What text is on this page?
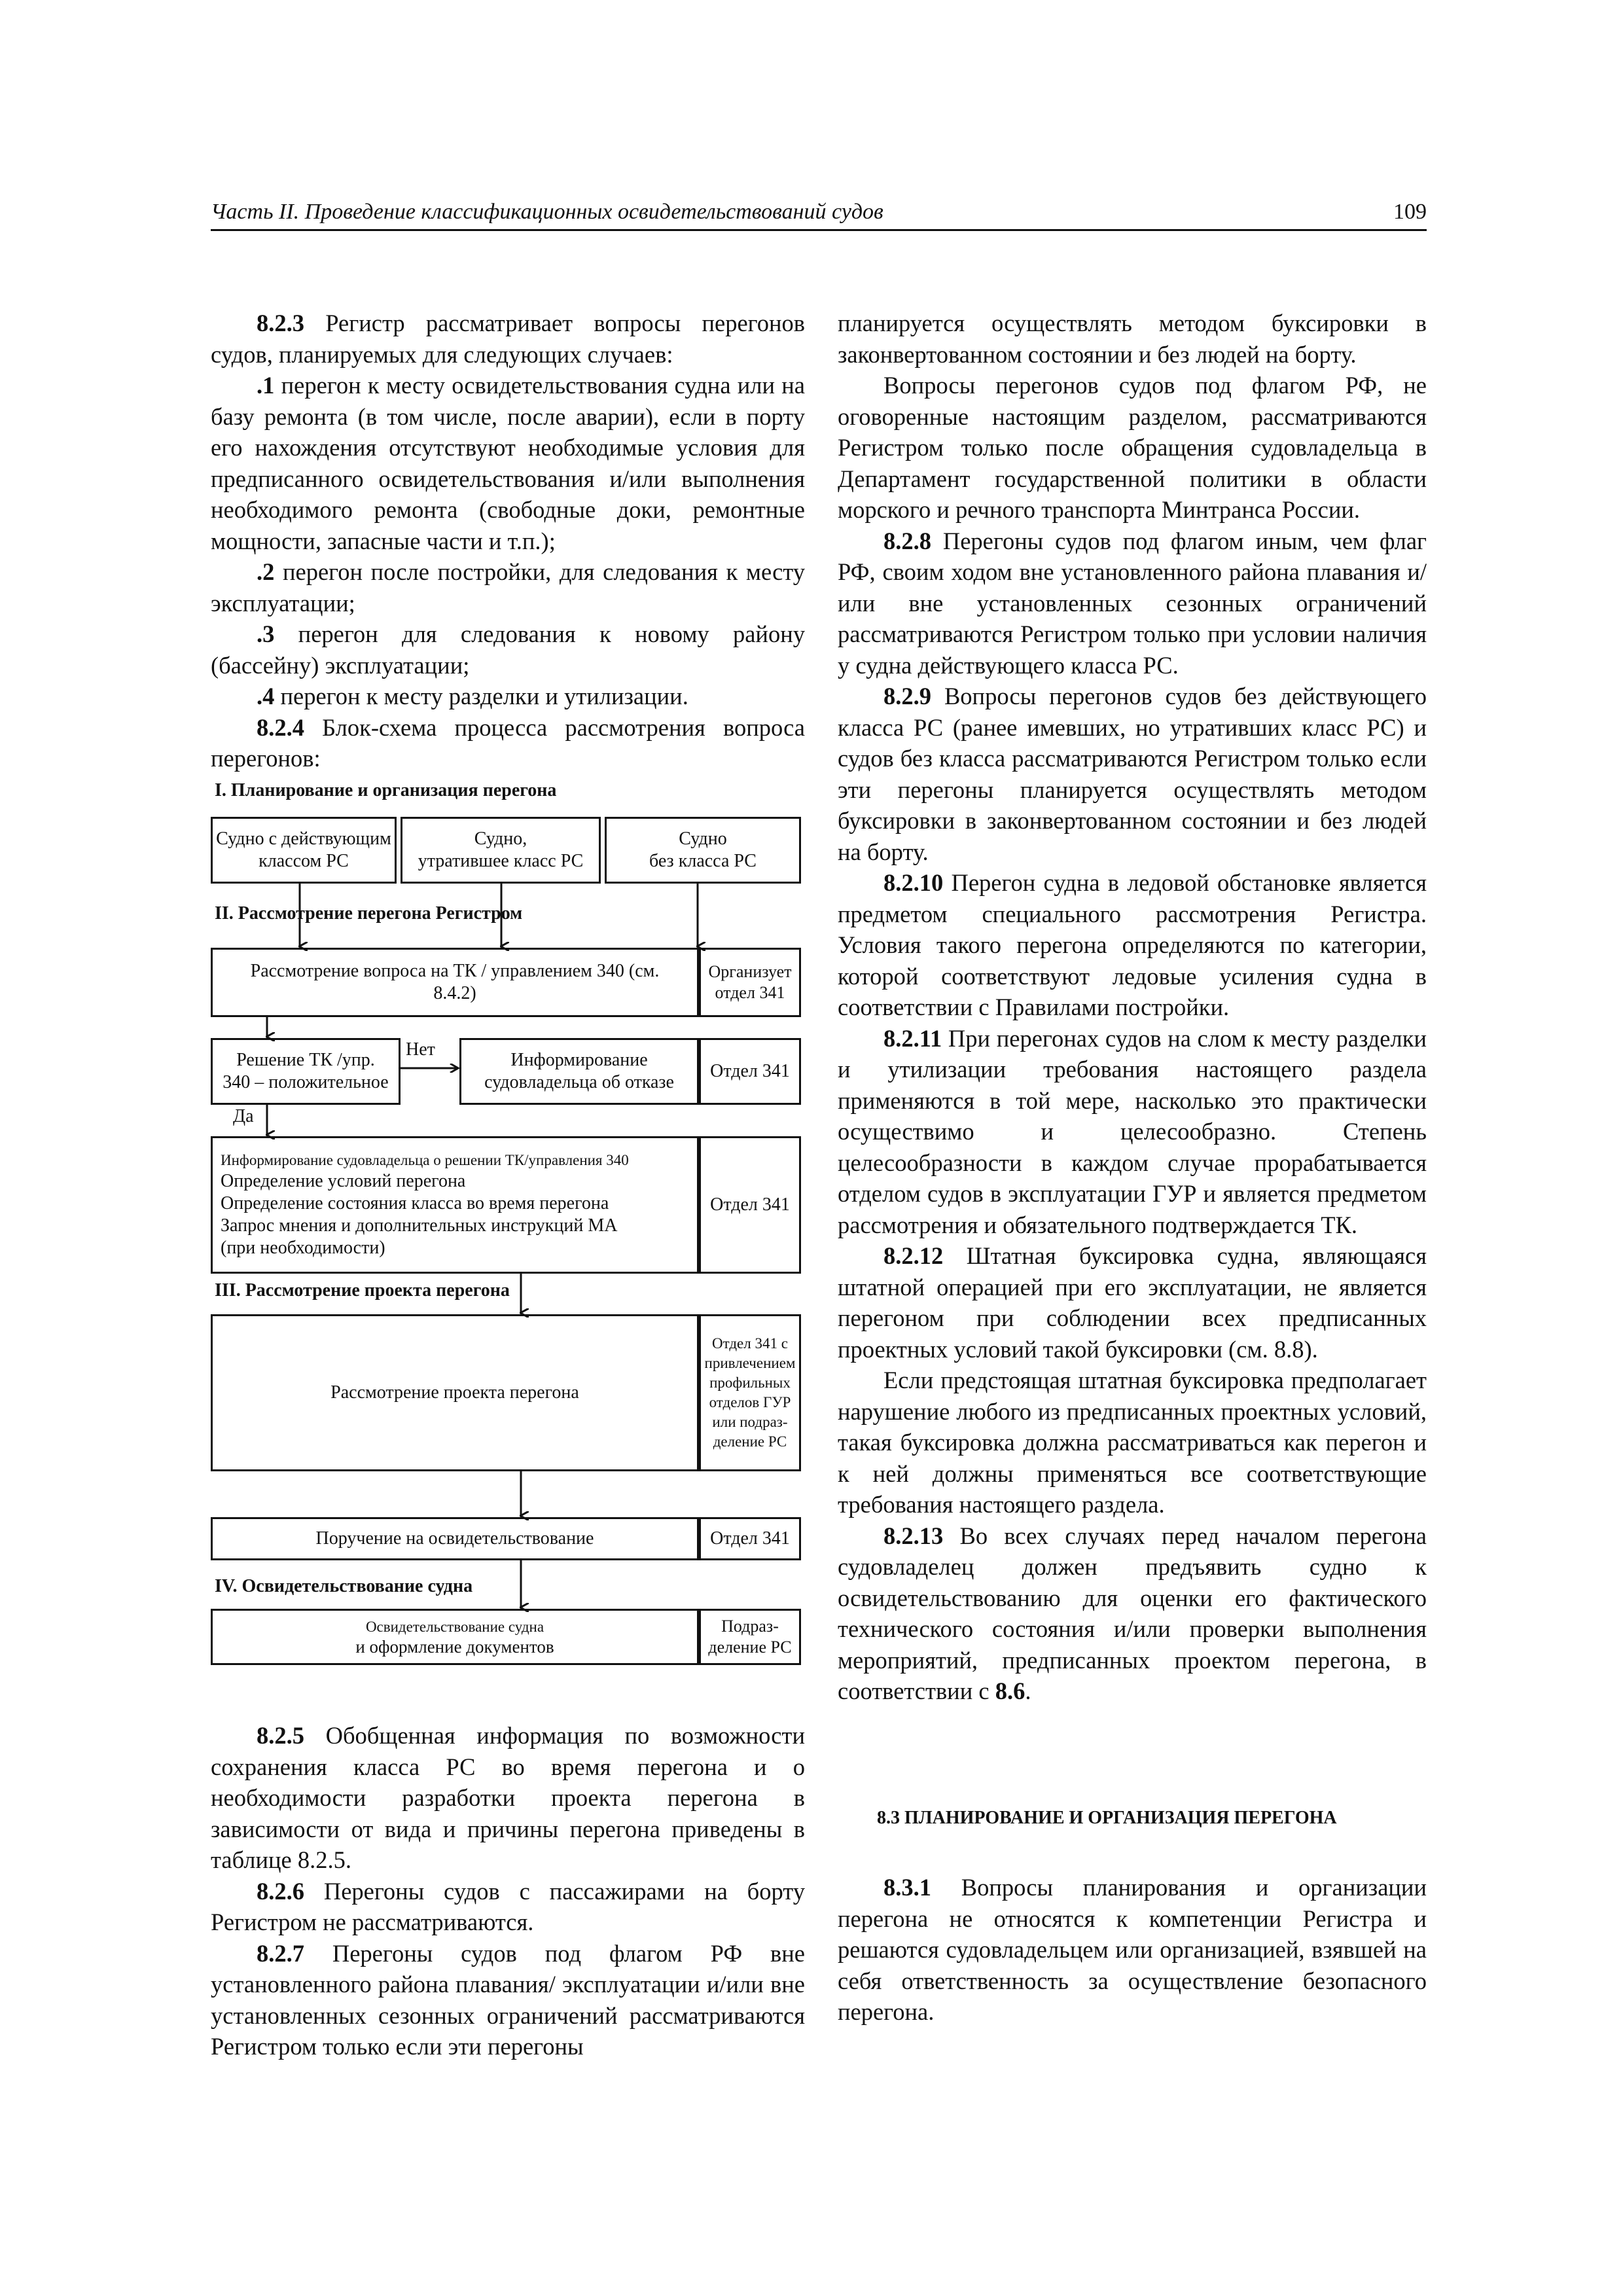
Часть II. Проведение классификационных освидетельствований судов	109

8.2.3 Регистр рассматривает вопросы перегонов судов, планируемых для следующих случаев:

.1 перегон к месту освидетельствования судна или на базу ремонта (в том числе, после аварии), если в порту его нахождения отсутствуют необходимые условия для предписанного освидетельствования и/или выполнения необходимого ремонта (свободные доки, ремонтные мощности, запасные части и т.п.);

.2 перегон после постройки, для следования к месту эксплуатации;

.3 перегон для следования к новому району (бассейну) эксплуатации;

.4 перегон к месту разделки и утилизации.

8.2.4 Блок-схема процесса рассмотрения вопроса перегонов:

I. Планирование и организация перегона
Судно с действующим
классом РС
Судно,
утратившее класс РС
Судно
без класса РС
II. Рассмотрение перегона Регистром
Рассмотрение вопроса на ТК / управлением 340 (см.
8.4.2)
Организует
отдел 341
Решение ТК /упр.
340 – положительное
Нет
Информирование
судовладельца об отказе
Отдел 341
Да
Информирование судовладельца о решении ТК/управления 340
Определение условий перегона
Определение состояния класса во время перегона
Запрос мнения и дополнительных инструкций МА
(при необходимости)
Отдел 341
III. Рассмотрение проекта перегона
Рассмотрение проекта перегона
Отдел 341 с
привлечением
профильных
отделов ГУР
или подраз-
деление РС
Поручение на освидетельствование	Отдел 341
IV. Освидетельствование судна
Освидетельствование судна
и оформление документов
Подраз-
деление РС

8.2.5 Обобщенная информация по возможности сохранения класса РС во время перегона и о необходимости разработки проекта перегона в зависимости от вида и причины перегона приведены в таблице 8.2.5.

8.2.6 Перегоны судов с пассажирами на борту Регистром не рассматриваются.

8.2.7 Перегоны судов под флагом РФ вне установленного района плавания/ эксплуатации и/или вне установленных сезонных ограничений рассматриваются Регистром только если эти перегоны

планируется осуществлять методом буксировки в законвертованном состоянии и без людей на борту.

Вопросы перегонов судов под флагом РФ, не оговоренные настоящим разделом, рассматриваются Регистром только после обращения судовладельца в Департамент государственной политики в области морского и речного транспорта Минтранса России.

8.2.8 Перегоны судов под флагом иным, чем флаг РФ, своим ходом вне установленного района плавания и/или вне установленных сезонных ограничений рассматриваются Регистром только при условии наличия у судна действующего класса РС.

8.2.9 Вопросы перегонов судов без действующего класса РС (ранее имевших, но утративших класс РС) и судов без класса рассматриваются Регистром только если эти перегоны планируется осуществлять методом буксировки в законвертованном состоянии и без людей на борту.

8.2.10 Перегон судна в ледовой обстановке является предметом специального рассмотрения Регистра. Условия такого перегона определяются по категории, которой соответствуют ледовые усиления судна в соответствии с Правилами постройки.

8.2.11 При перегонах судов на слом к месту разделки и утилизации требования настоящего раздела применяются в той мере, насколько это практически осуществимо и целесообразно. Степень целесообразности в каждом случае прорабатывается отделом судов в эксплуатации ГУР и является предметом рассмотрения и обязательного подтверждается ТК.

8.2.12 Штатная буксировка судна, являющаяся штатной операцией при его эксплуатации, не является перегоном при соблюдении всех предписанных проектных условий такой буксировки (см. 8.8).

Если предстоящая штатная буксировка предполагает нарушение любого из предписанных проектных условий, такая буксировка должна рассматриваться как перегон и к ней должны применяться все соответствующие требования настоящего раздела.

8.2.13 Во всех случаях перед началом перегона судовладелец должен предъявить судно к освидетельствованию для оценки его фактического технического состояния и/или проверки выполнения мероприятий, предписанных проектом перегона, в соответствии с 8.6.

8.3 ПЛАНИРОВАНИЕ И ОРГАНИЗАЦИЯ ПЕРЕГОНА

8.3.1 Вопросы планирования и организации перегона не относятся к компетенции Регистра и решаются судовладельцем или организацией, взявшей на себя ответственность за осуществление безопасного перегона.
